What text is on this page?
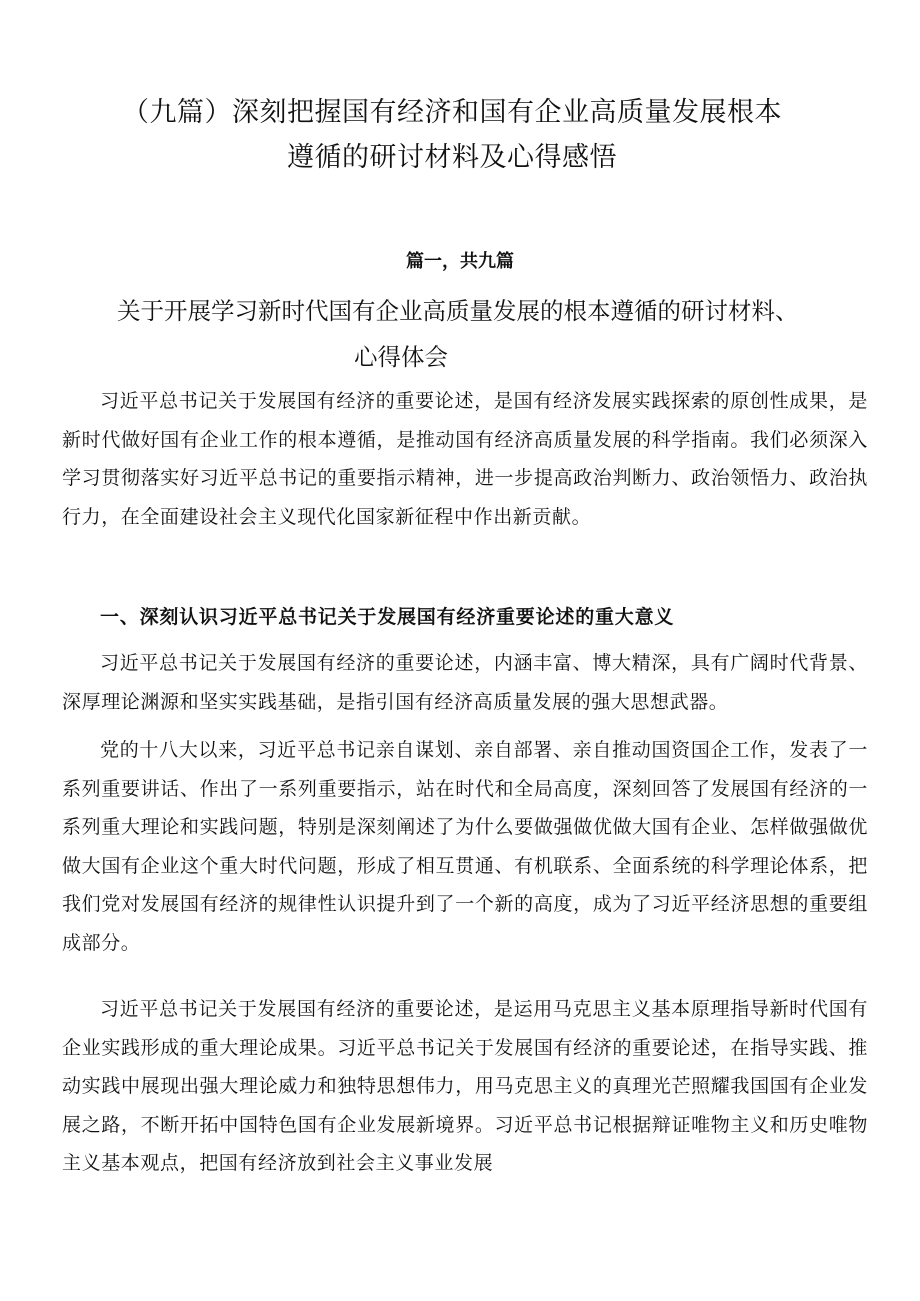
（九篇）深刻把握国有经济和国有企业高质量发展根本
遵循的研讨材料及心得感悟
篇一，共九篇
关于开展学习新时代国有企业高质量发展的根本遵循的研讨材料、
心得体会

习近平总书记关于发展国有经济的重要论述，是国有经济发展实践探索的原创性成果，是新时代做好国有企业工作的根本遵循，是推动国有经济高质量发展的科学指南。我们必须深入学习贯彻落实好习近平总书记的重要指示精神，进一步提高政治判断力、政治领悟力、政治执行力，在全面建设社会主义现代化国家新征程中作出新贡献。

一、深刻认识习近平总书记关于发展国有经济重要论述的重大意义

习近平总书记关于发展国有经济的重要论述，内涵丰富、博大精深，具有广阔时代背景、深厚理论渊源和坚实实践基础，是指引国有经济高质量发展的强大思想武器。

党的十八大以来，习近平总书记亲自谋划、亲自部署、亲自推动国资国企工作，发表了一系列重要讲话、作出了一系列重要指示，站在时代和全局高度，深刻回答了发展国有经济的一系列重大理论和实践问题，特别是深刻阐述了为什么要做强做优做大国有企业、怎样做强做优做大国有企业这个重大时代问题，形成了相互贯通、有机联系、全面系统的科学理论体系，把我们党对发展国有经济的规律性认识提升到了一个新的高度，成为了习近平经济思想的重要组成部分。

习近平总书记关于发展国有经济的重要论述，是运用马克思主义基本原理指导新时代国有企业实践形成的重大理论成果。习近平总书记关于发展国有经济的重要论述，在指导实践、推动实践中展现出强大理论威力和独特思想伟力，用马克思主义的真理光芒照耀我国国有企业发展之路，不断开拓中国特色国有企业发展新境界。习近平总书记根据辩证唯物主义和历史唯物主义基本观点，把国有经济放到社会主义事业发展
